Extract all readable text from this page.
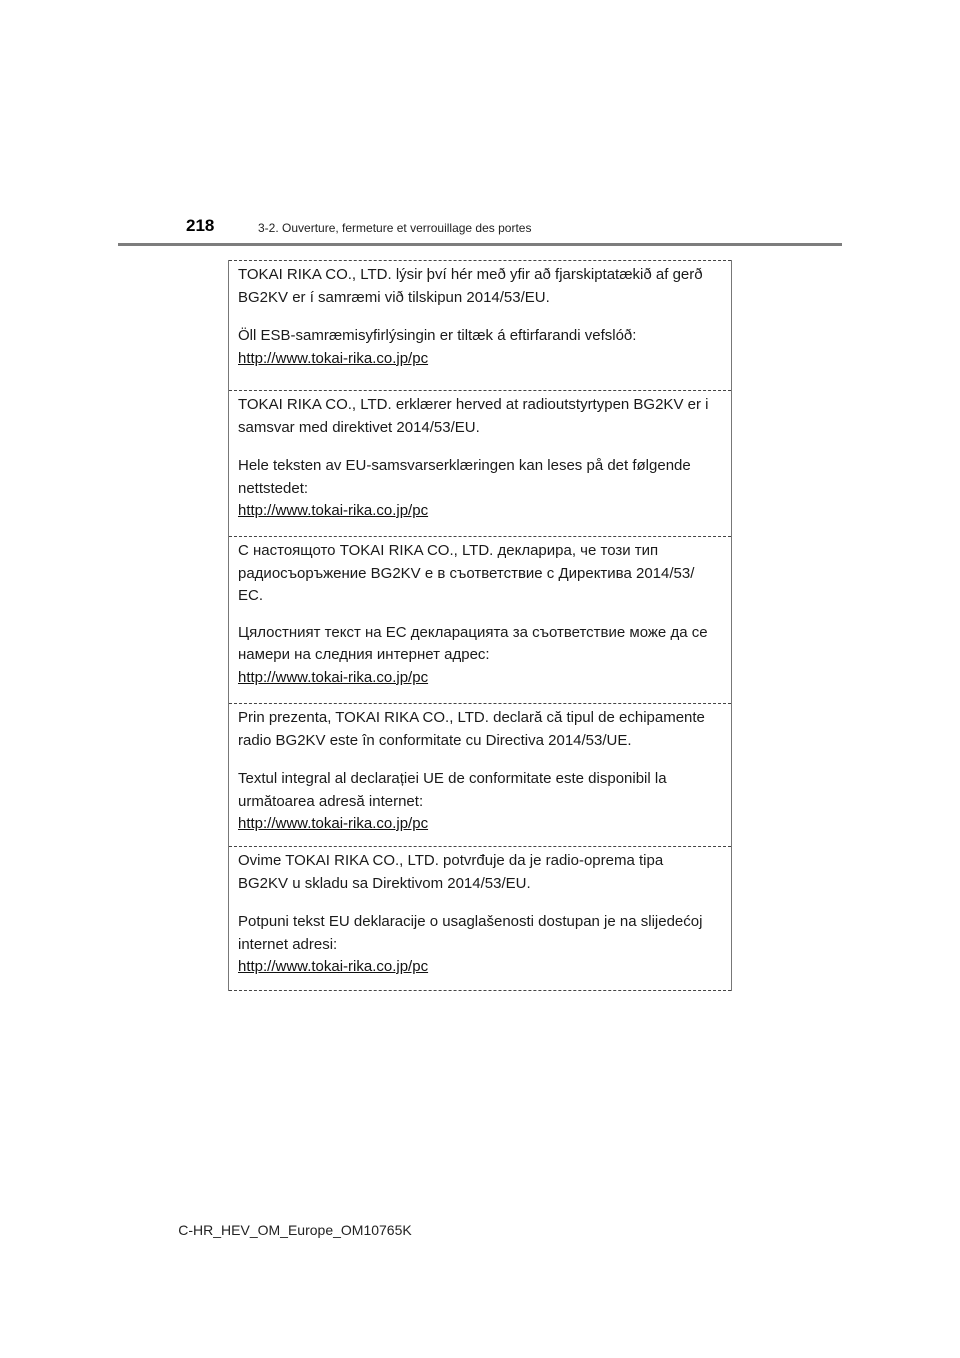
218	3-2. Ouverture, fermeture et verrouillage des portes

TOKAI RIKA CO., LTD. lýsir því hér með yfir að fjarskiptatækið af gerð BG2KV er í samræmi við tilskipun 2014/53/EU.

Öll ESB-samræmisyfirlýsingin er tiltæk á eftirfarandi vefslóð:
http://www.tokai-rika.co.jp/pc

TOKAI RIKA CO., LTD. erklærer herved at radioutstyrtypen BG2KV er i samsvar med direktivet 2014/53/EU.

Hele teksten av EU-samsvarserklæringen kan leses på det følgende nettstedet:
http://www.tokai-rika.co.jp/pc

С настоящото TOKAI RIKA CO., LTD. декларира, че този тип радиосъоръжение BG2KV е в съответствие с Директива 2014/53/ЕС.

Цялостният текст на ЕС декларацията за съответствие може да се намери на следния интернет адрес:
http://www.tokai-rika.co.jp/pc

Prin prezenta, TOKAI RIKA CO., LTD. declară că tipul de echipamente radio BG2KV este în conformitate cu Directiva 2014/53/UE.

Textul integral al declarației UE de conformitate este disponibil la următoarea adresă internet:
http://www.tokai-rika.co.jp/pc

Ovime TOKAI RIKA CO., LTD. potvrđuje da je radio-oprema tipa BG2KV u skladu sa Direktivom 2014/53/EU.

Potpuni tekst EU deklaracije o usaglašenosti dostupan je na slijedećoj internet adresi:
http://www.tokai-rika.co.jp/pc

C-HR_HEV_OM_Europe_OM10765K
